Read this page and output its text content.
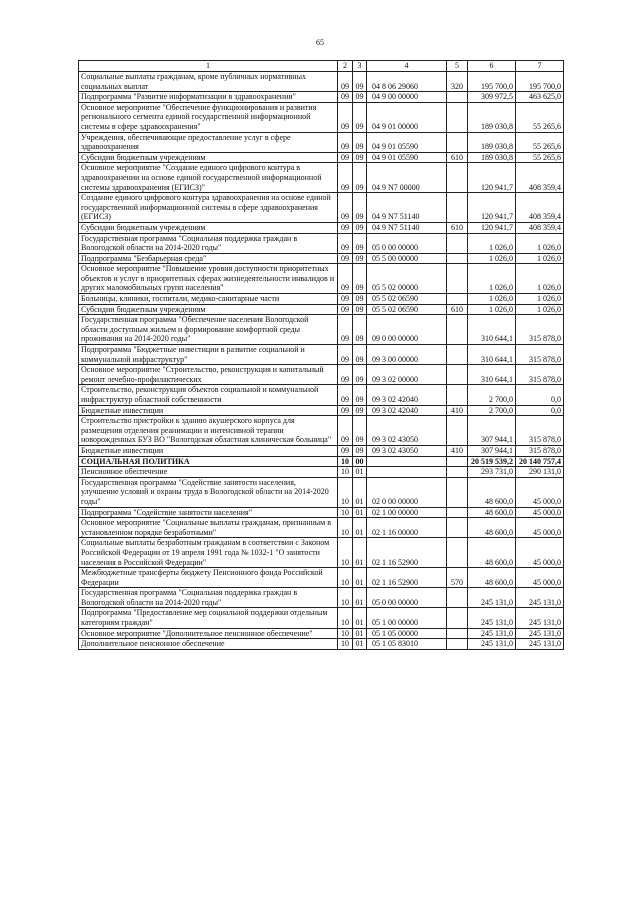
65
1	2	3	4	5	6	7
Социальные выплаты гражданам, кроме публичных нормативных социальных выплат	09	09	04 8 06 29060	320	195 700,0	195 700,0
Подпрограмма "Развитие информатизации в здравоохранении"	09	09	04 9 00 00000		309 972,5	463 625,0
Основное мероприятие "Обеспечение функционирования и развития регионального сегмента единой государственной информационной системы в сфере здравоохранения"	09	09	04 9 01 00000		189 030,8	55 265,6
Учреждения, обеспечивающие предоставление услуг в сфере здравоохранения	09	09	04 9 01 05590		189 030,8	55 265,6
Субсидии бюджетным учреждениям	09	09	04 9 01 05590	610	189 030,8	55 265,6
Основное мероприятие "Создание единого цифрового контура в здравоохранении на основе единой государственной информационной системы здравоохранения (ЕГИСЗ)"	09	09	04 9 N7 00000		120 941,7	408 359,4
Создание единого цифрового контура здравоохранения на основе единой государственной информационной системы в сфере здравоохранения (ЕГИСЗ)	09	09	04 9 N7 51140		120 941,7	408 359,4
Субсидии бюджетным учреждениям	09	09	04 9 N7 51140	610	120 941,7	408 359,4
Государственная программа "Социальная поддержка граждан в Вологодской области на 2014-2020 годы"	09	09	05 0 00 00000		1 026,0	1 026,0
Подпрограмма "Безбарьерная среда"	09	09	05 5 00 00000		1 026,0	1 026,0
Основное мероприятие "Повышение уровня доступности приоритетных объектов и услуг в приоритетных сферах жизнедеятельности инвалидов и других маломобильных групп населения"	09	09	05 5 02 00000		1 026,0	1 026,0
Больницы, клиники, госпитали, медико-санитарные части	09	09	05 5 02 06590		1 026,0	1 026,0
Субсидии бюджетным учреждениям	09	09	05 5 02 06590	610	1 026,0	1 026,0
Государственная программа "Обеспечение населения Вологодской области доступным жильем и формирование комфортной среды проживания на 2014-2020 годы"	09	09	09 0 00 00000		310 644,1	315 878,0
Подпрограмма "Бюджетные инвестиции в развитие социальной и коммунальной инфраструктур"	09	09	09 3 00 00000		310 644,1	315 878,0
Основное мероприятие "Строительство, реконструкция и капитальный ремонт лечебно-профилактических	09	09	09 3 02 00000		310 644,1	315 878,0
Строительство, реконструкция объектов социальной и коммунальной инфраструктур областной собственности	09	09	09 3 02 42040		2 700,0	0,0
Бюджетные инвестиции	09	09	09 3 02 42040	410	2 700,0	0,0
Строительство пристройки к зданию акушерского корпуса для размещения отделения реанимации и интенсивной терапии новорожденных БУЗ ВО "Вологодская областная клиническая больница"	09	09	09 3 02 43050		307 944,1	315 878,0
Бюджетные инвестиции	09	09	09 3 02 43050	410	307 944,1	315 878,0
СОЦИАЛЬНАЯ ПОЛИТИКА	10	00			20 519 539,2	20 140 757,4
Пенсионное обеспечение	10	01			293 731,0	290 131,0
Государственная программа "Содействие занятости населения, улучшение условий и охраны труда в Вологодской области на 2014-2020 годы"	10	01	02 0 00 00000		48 600,0	45 000,0
Подпрограмма "Содействие занятости населения"	10	01	02 1 00 00000		48 600,0	45 000,0
Основное мероприятие "Социальные выплаты гражданам, признанным в установленном порядке безработными"	10	01	02 1 16 00000		48 600,0	45 000,0
Социальные выплаты безработным гражданам в соответствии с Законом Российской Федерации от 19 апреля 1991 года № 1032-1 "О занятости населения в Российской Федерации"	10	01	02 1 16 52900		48 600,0	45 000,0
Межбюджетные трансферты бюджету Пенсионного фонда Российской Федерации	10	01	02 1 16 52900	570	48 600,0	45 000,0
Государственная программа "Социальная поддержка граждан в Вологодской области на 2014-2020 годы"	10	01	05 0 00 00000		245 131,0	245 131,0
Подпрограмма "Предоставление мер социальной поддержки отдельным категориям граждан"	10	01	05 1 00 00000		245 131,0	245 131,0
Основное мероприятие "Дополнительное пенсионное обеспечение"	10	01	05 1 05 00000		245 131,0	245 131,0
Дополнительное пенсионное обеспечение	10	01	05 1 05 83010		245 131,0	245 131,0
